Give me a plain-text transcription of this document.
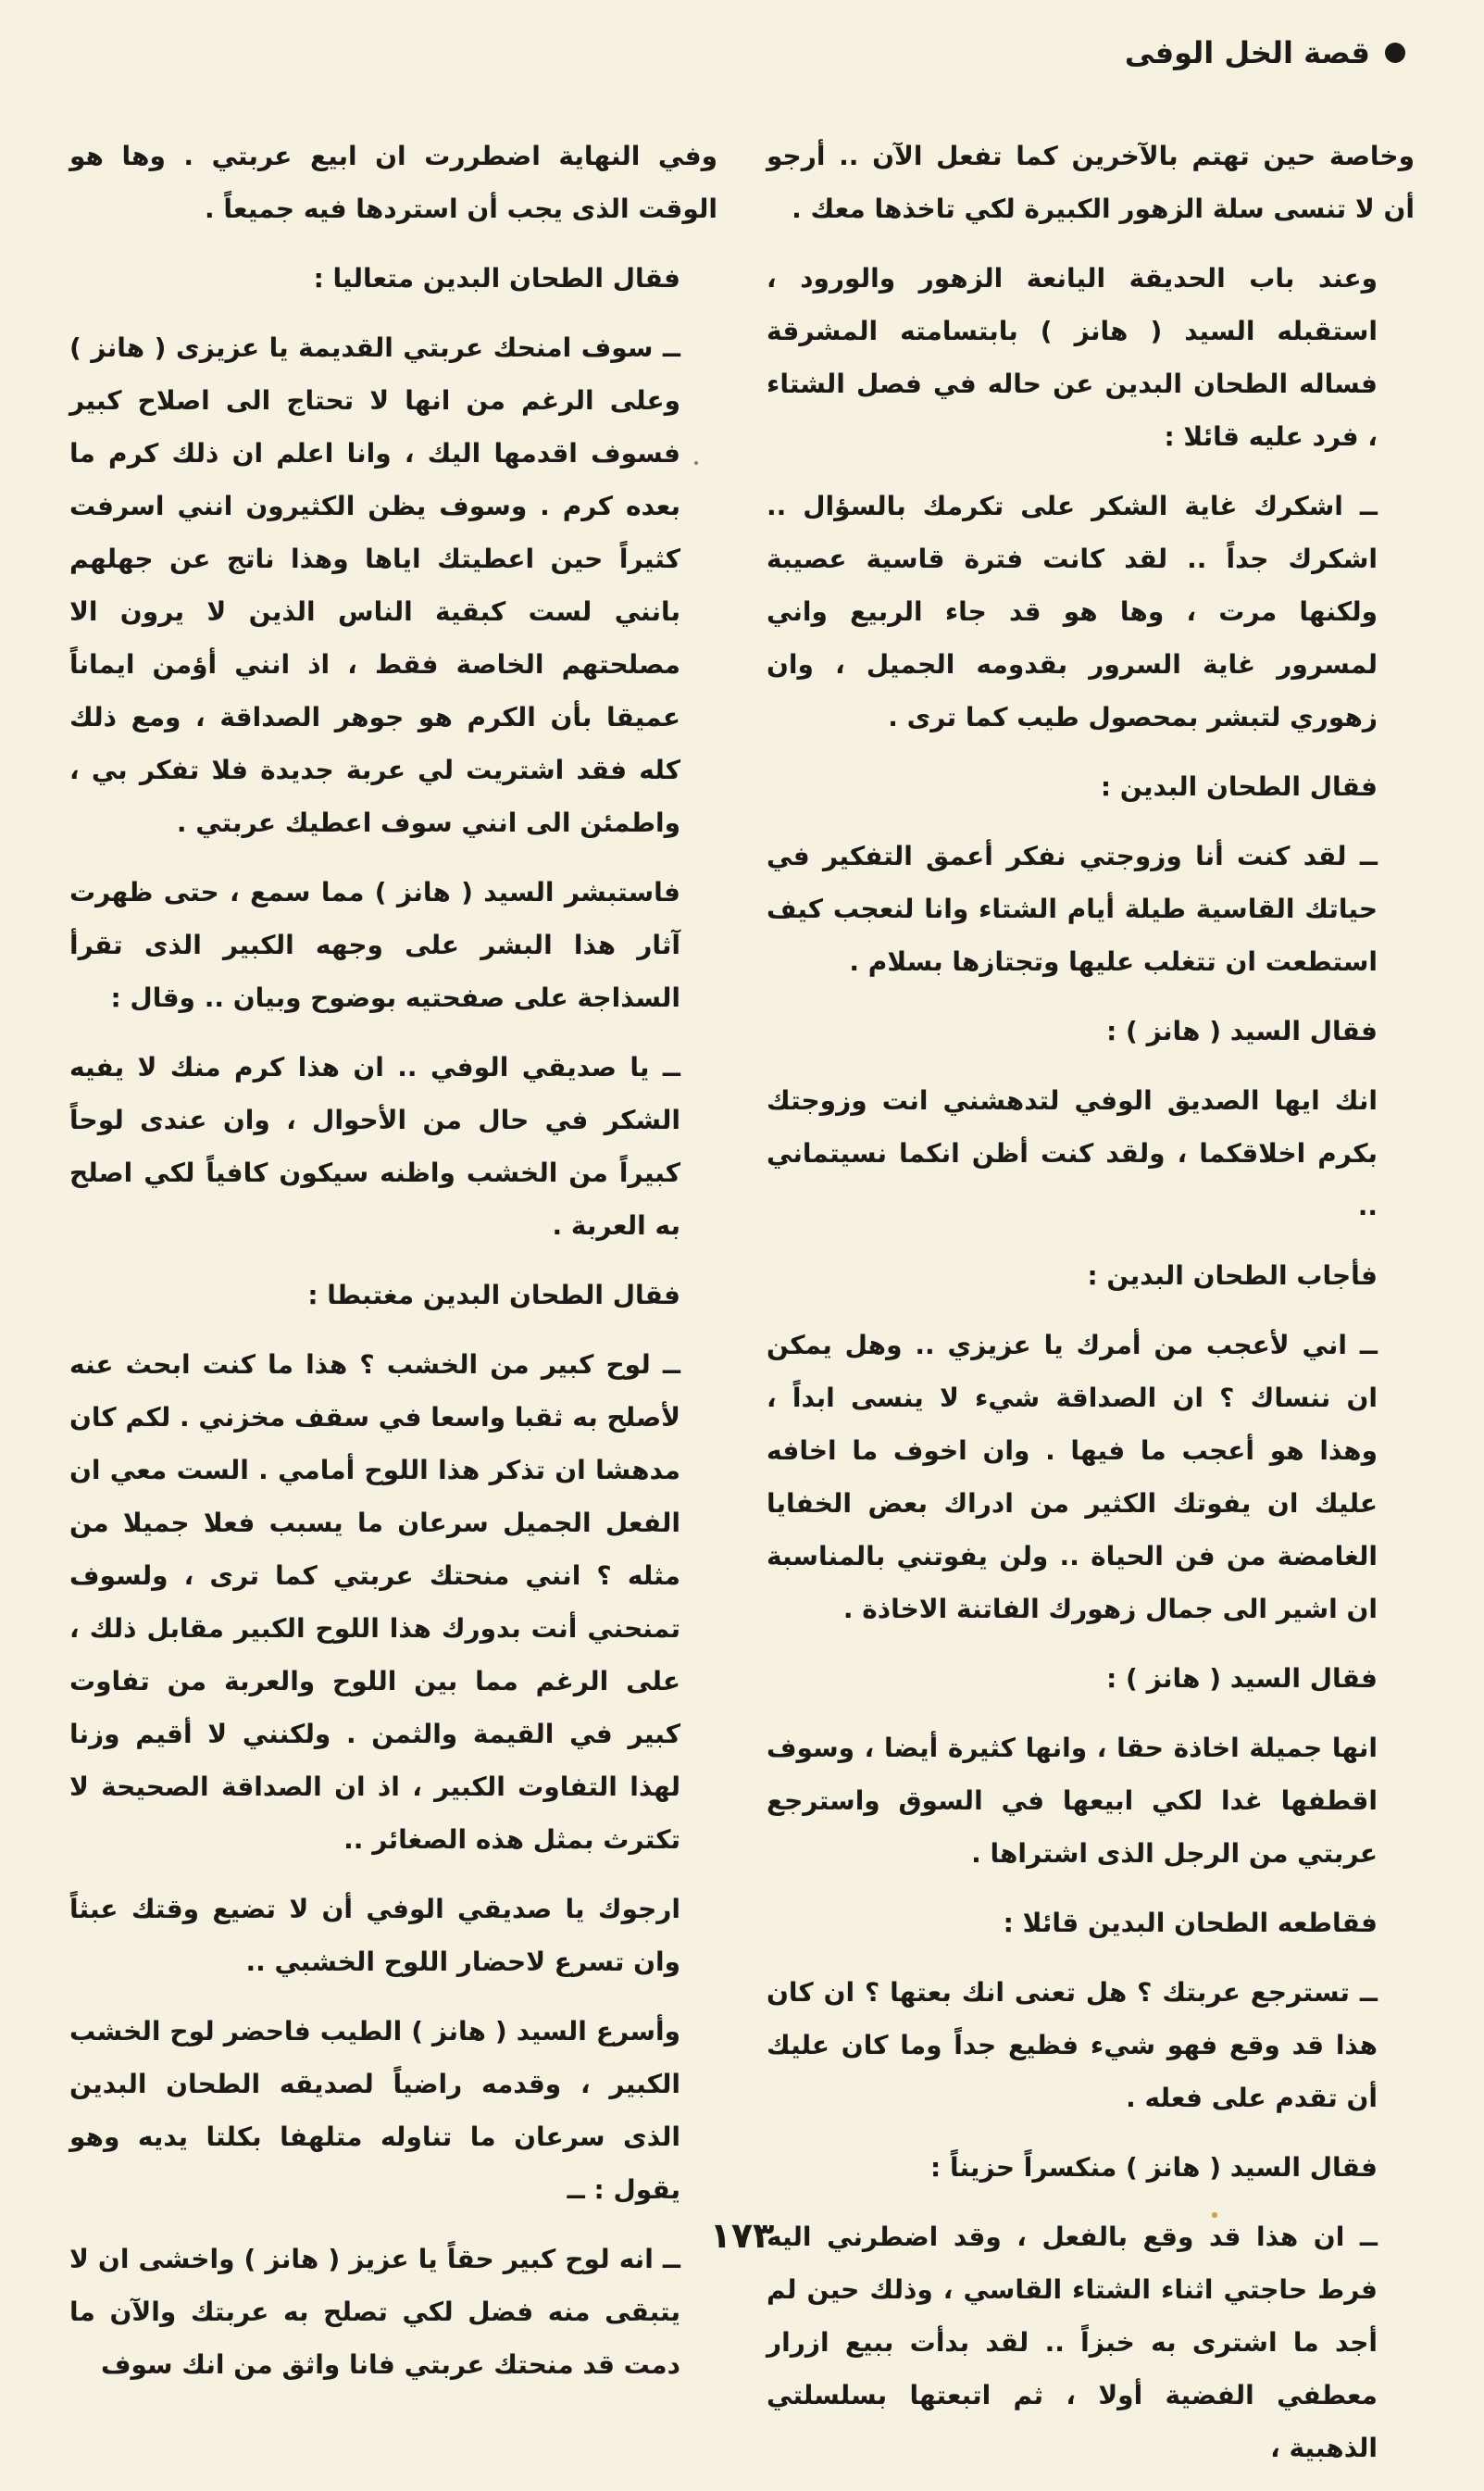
قصة الخل الوفى

وخاصة حين تهتم بالآخرين كما تفعل الآن .. أرجو أن لا تنسى سلة الزهور الكبيرة لكي تاخذها معك .

وعند باب الحديقة اليانعة الزهور والورود ، استقبله السيد ( هانز ) بابتسامته المشرقة فساله الطحان البدين عن حاله في فصل الشتاء ، فرد عليه قائلا :

ــ اشكرك غاية الشكر على تكرمك بالسؤال .. اشكرك جداً .. لقد كانت فترة قاسية عصيبة ولكنها مرت ، وها هو قد جاء الربيع واني لمسرور غاية السرور بقدومه الجميل ، وان زهوري لتبشر بمحصول طيب كما ترى .

فقال الطحان البدين :

ــ لقد كنت أنا وزوجتي نفكر أعمق التفكير في حياتك القاسية طيلة أيام الشتاء وانا لنعجب كيف استطعت ان تتغلب عليها وتجتازها بسلام .

فقال السيد ( هانز ) :

انك ايها الصديق الوفي لتدهشني انت وزوجتك بكرم اخلاقكما ، ولقد كنت أظن انكما نسيتماني ..

فأجاب الطحان البدين :

ــ اني لأعجب من أمرك يا عزيزي .. وهل يمكن ان ننساك ؟ ان الصداقة شيء لا ينسى ابداً ، وهذا هو أعجب ما فيها . وان اخوف ما اخافه عليك ان يفوتك الكثير من ادراك بعض الخفايا الغامضة من فن الحياة .. ولن يفوتني بالمناسبة ان اشير الى جمال زهورك الفاتنة الاخاذة .

فقال السيد ( هانز ) :

انها جميلة اخاذة حقا ، وانها كثيرة أيضا ، وسوف اقطفها غدا لكي ابيعها في السوق واسترجع عربتي من الرجل الذى اشتراها .

فقاطعه الطحان البدين قائلا :

ــ تسترجع عربتك ؟ هل تعنى انك بعتها ؟ ان كان هذا قد وقع فهو شيء فظيع جداً وما كان عليك أن تقدم على فعله .

فقال السيد ( هانز ) منكسراً حزيناً :

ــ ان هذا قد وقع بالفعل ، وقد اضطرني اليه فرط حاجتي اثناء الشتاء القاسي ، وذلك حين لم أجد ما اشترى به خبزاً .. لقد بدأت ببيع ازرار معطفي الفضية أولا ، ثم اتبعتها بسلسلتي الذهبية ،

وفي النهاية اضطررت ان ابيع عربتي . وها هو الوقت الذى يجب أن استردها فيه جميعاً .

فقال الطحان البدين متعاليا :

ــ سوف امنحك عربتي القديمة يا عزيزى ( هانز ) وعلى الرغم من انها لا تحتاج الى اصلاح كبير فسوف اقدمها اليك ، وانا اعلم ان ذلك كرم ما بعده كرم . وسوف يظن الكثيرون انني اسرفت كثيراً حين اعطيتك اياها وهذا ناتج عن جهلهم بانني لست كبقية الناس الذين لا يرون الا مصلحتهم الخاصة فقط ، اذ انني أؤمن ايماناً عميقا بأن الكرم هو جوهر الصداقة ، ومع ذلك كله فقد اشتريت لي عربة جديدة فلا تفكر بي ، واطمئن الى انني سوف اعطيك عربتي .

فاستبشر السيد ( هانز ) مما سمع ، حتى ظهرت آثار هذا البشر على وجهه الكبير الذى تقرأ السذاجة على صفحتيه بوضوح وبيان .. وقال :

ــ يا صديقي الوفي .. ان هذا كرم منك لا يفيه الشكر في حال من الأحوال ، وان عندى لوحاً كبيراً من الخشب واظنه سيكون كافياً لكي اصلح به العربة .

فقال الطحان البدين مغتبطا :

ــ لوح كبير من الخشب ؟ هذا ما كنت ابحث عنه لأصلح به ثقبا واسعا في سقف مخزني . لكم كان مدهشا ان تذكر هذا اللوح أمامي . الست معي ان الفعل الجميل سرعان ما يسبب فعلا جميلا من مثله ؟ انني منحتك عربتي كما ترى ، ولسوف تمنحني أنت بدورك هذا اللوح الكبير مقابل ذلك ، على الرغم مما بين اللوح والعربة من تفاوت كبير في القيمة والثمن . ولكنني لا أقيم وزنا لهذا التفاوت الكبير ، اذ ان الصداقة الصحيحة لا تكترث بمثل هذه الصغائر ..

ارجوك يا صديقي الوفي أن لا تضيع وقتك عبثاً وان تسرع لاحضار اللوح الخشبي ..

وأسرع السيد ( هانز ) الطيب فاحضر لوح الخشب الكبير ، وقدمه راضياً لصديقه الطحان البدين الذى سرعان ما تناوله متلهفا بكلتا يديه وهو يقول : ــ

ــ انه لوح كبير حقاً يا عزيز ( هانز ) واخشى ان لا يتبقى منه فضل لكي تصلح به عربتك والآن ما دمت قد منحتك عربتي فانا واثق من انك سوف

١٧٣
